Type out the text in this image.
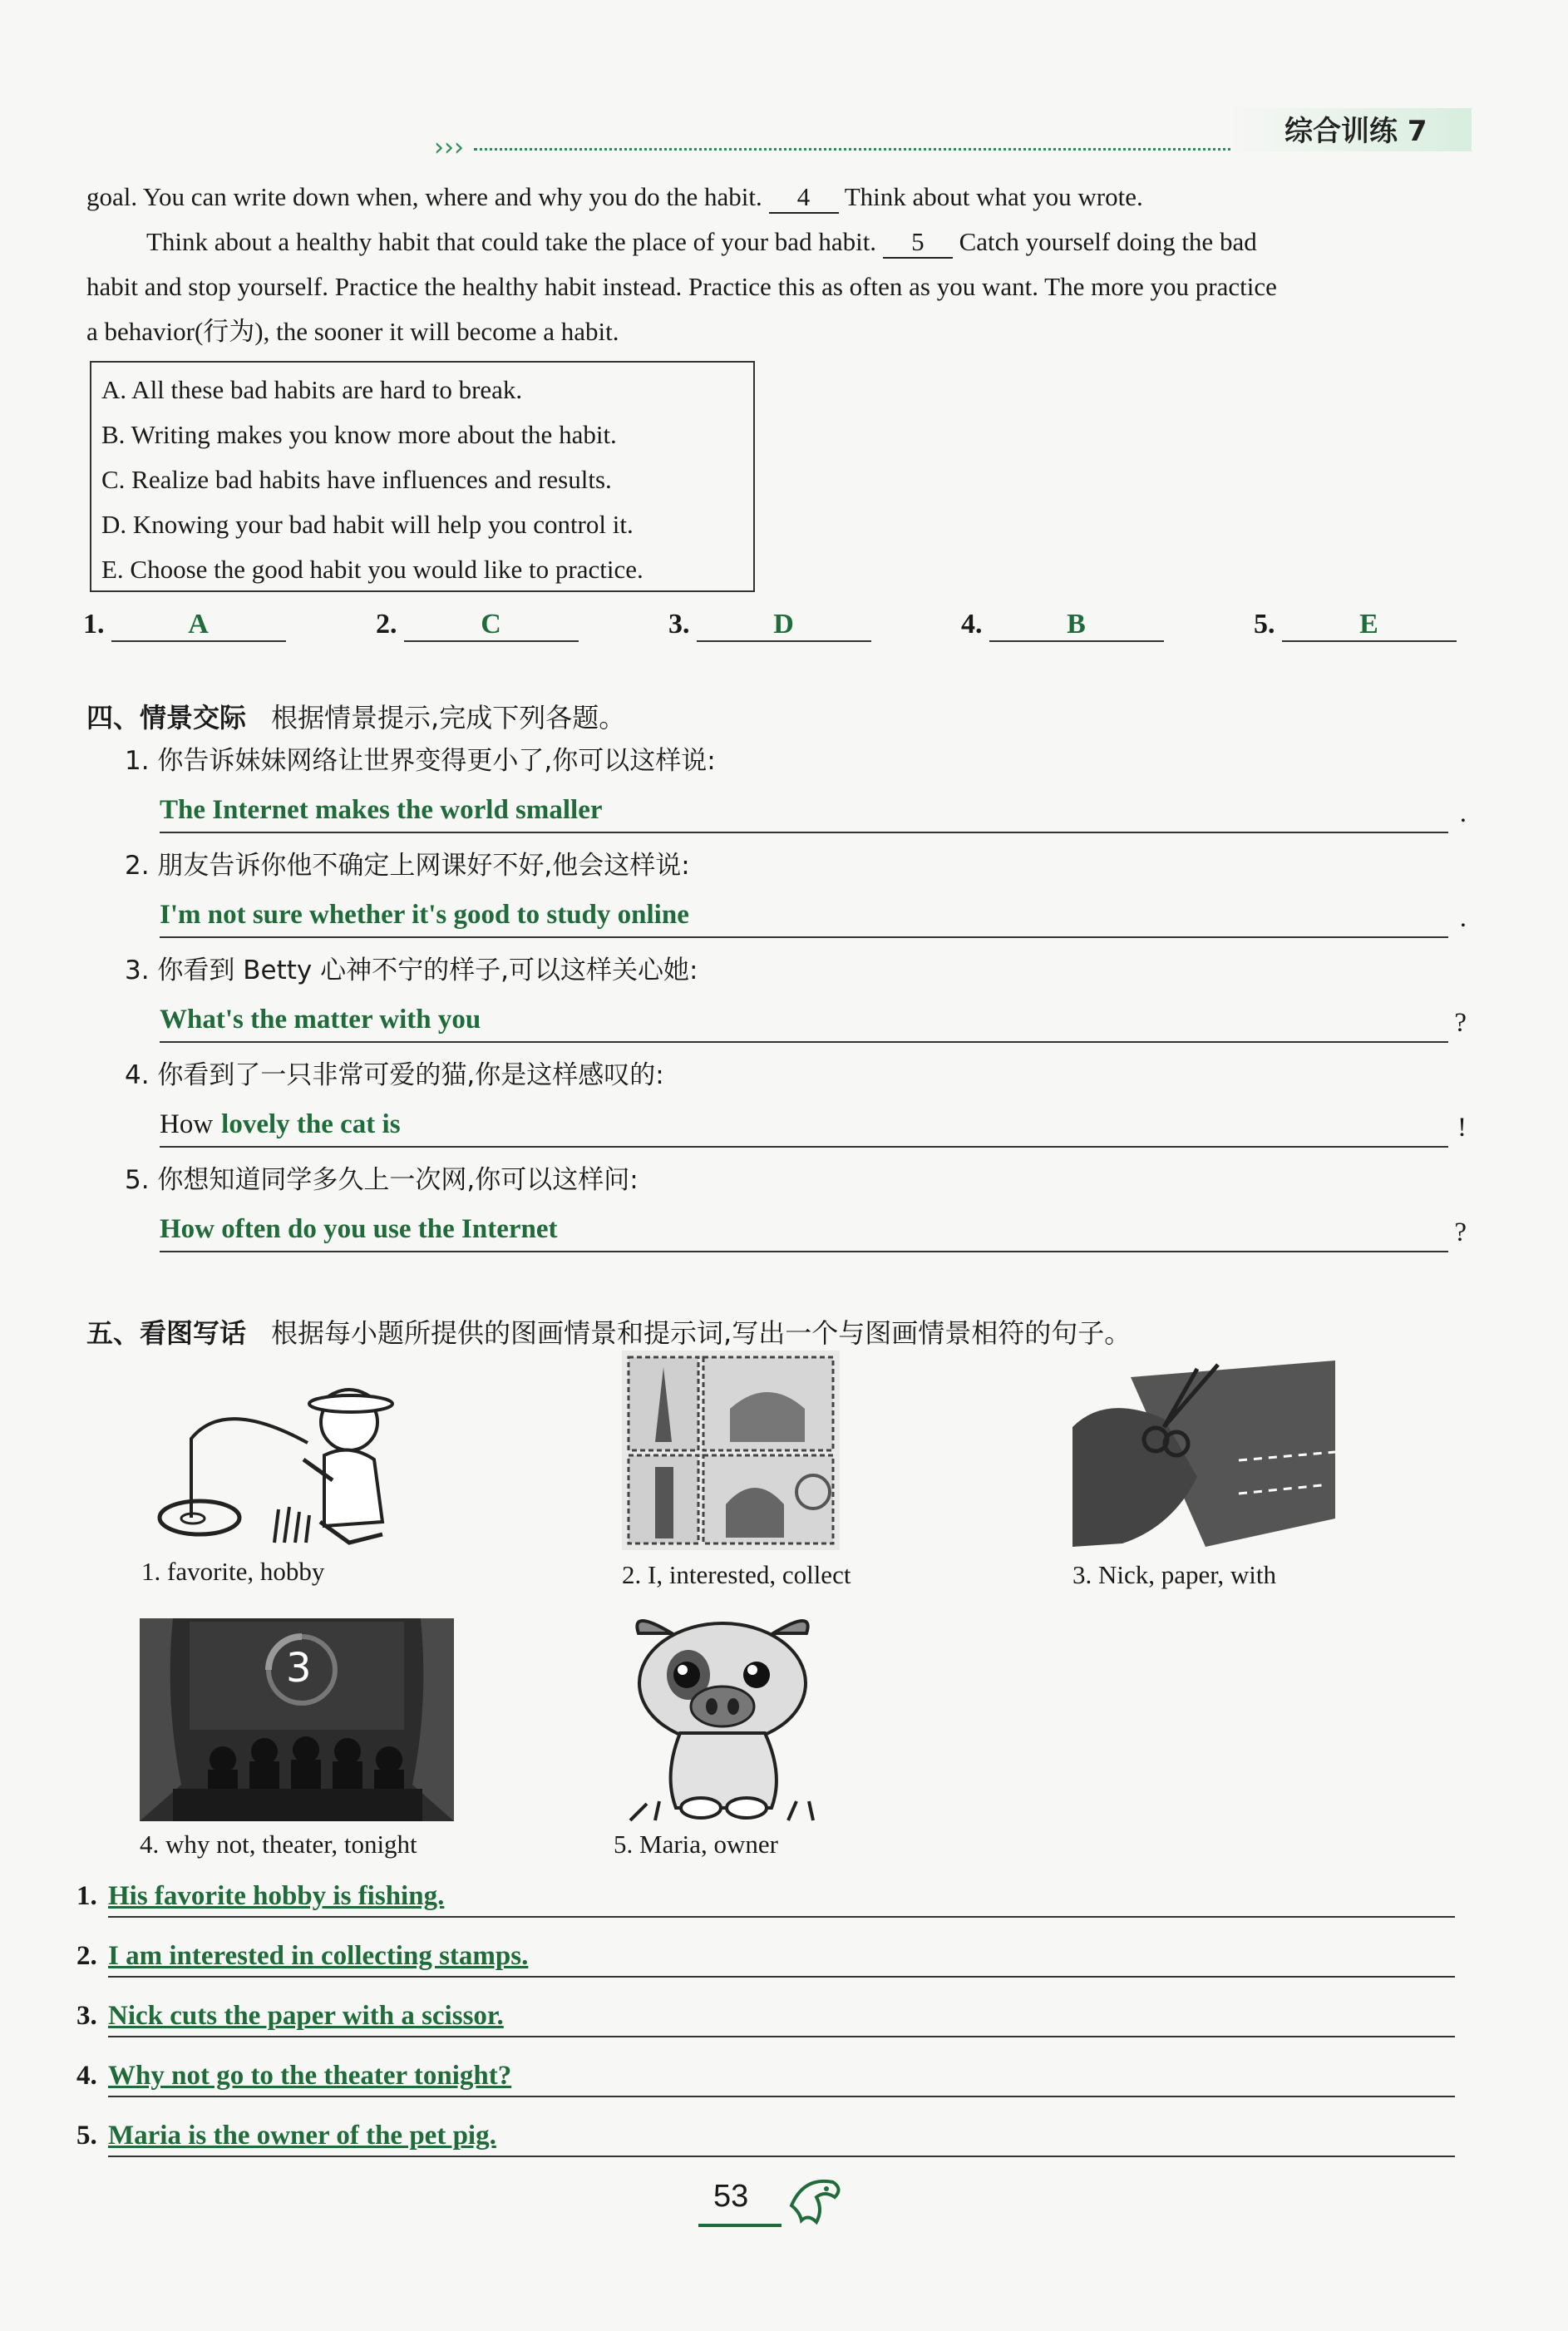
›››	综合训练 7
goal. You can write down when, where and why you do the habit. 4 Think about what you wrote.
Think about a healthy habit that could take the place of your bad habit. 5 Catch yourself doing the bad
habit and stop yourself. Practice the healthy habit instead. Practice this as often as you want. The more you practice
a behavior(行为), the sooner it will become a habit.
A. All these bad habits are hard to break.
B. Writing makes you know more about the habit.
C. Realize bad habits have influences and results.
D. Knowing your bad habit will help you control it.
E. Choose the good habit you would like to practice.
1.	A	2.	C	3.	D	4.	B	5.	E
四、情景交际 根据情景提示,完成下列各题。
1. 你告诉妹妹网络让世界变得更小了,你可以这样说:
The Internet makes the world smaller	.
2. 朋友告诉你他不确定上网课好不好,他会这样说:
I'm not sure whether it's good to study online	.
3. 你看到 Betty 心神不宁的样子,可以这样关心她:
What's the matter with you	?
4. 你看到了一只非常可爱的猫,你是这样感叹的:
How lovely the cat is	!
5. 你想知道同学多久上一次网,你可以这样问:
How often do you use the Internet	?
五、看图写话 根据每小题所提供的图画情景和提示词,写出一个与图画情景相符的句子。
1. favorite, hobby	2. I, interested, collect	3. Nick, paper, with
3
4. why not, theater, tonight	5. Maria, owner
1. His favorite hobby is fishing.
2. I am interested in collecting stamps.
3. Nick cuts the paper with a scissor.
4. Why not go to the theater tonight?
5. Maria is the owner of the pet pig.
53
